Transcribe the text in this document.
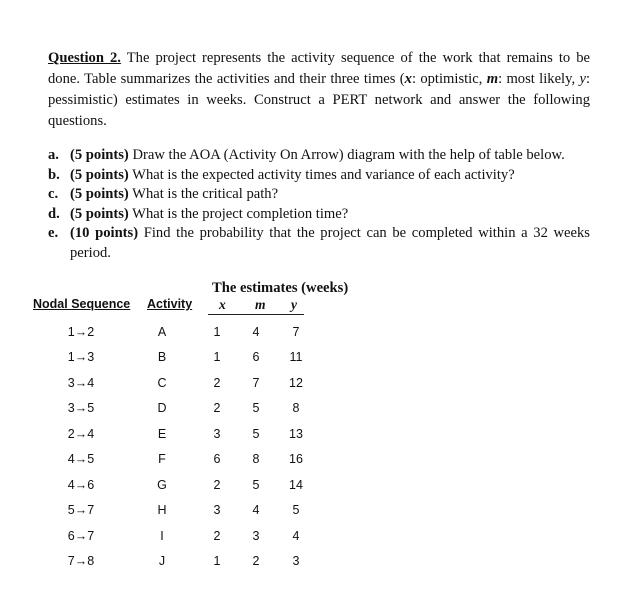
Question 2. The project represents the activity sequence of the work that remains to be done. Table summarizes the activities and their three times (x: optimistic, m: most likely, y: pessimistic) estimates in weeks. Construct a PERT network and answer the following questions.
a. (5 points) Draw the AOA (Activity On Arrow) diagram with the help of table below.
b. (5 points) What is the expected activity times and variance of each activity?
c. (5 points) What is the critical path?
d. (5 points) What is the project completion time?
e. (10 points) Find the probability that the project can be completed within a 32 weeks period.
The estimates (weeks)
Nodal Sequence Activity x m y
1→2	A	1	4	7
1→3	B	1	6	11
3→4	C	2	7	12
3→5	D	2	5	8
2→4	E	3	5	13
4→5	F	6	8	16
4→6	G	2	5	14
5→7	H	3	4	5
6→7	I	2	3	4
7→8	J	1	2	3
